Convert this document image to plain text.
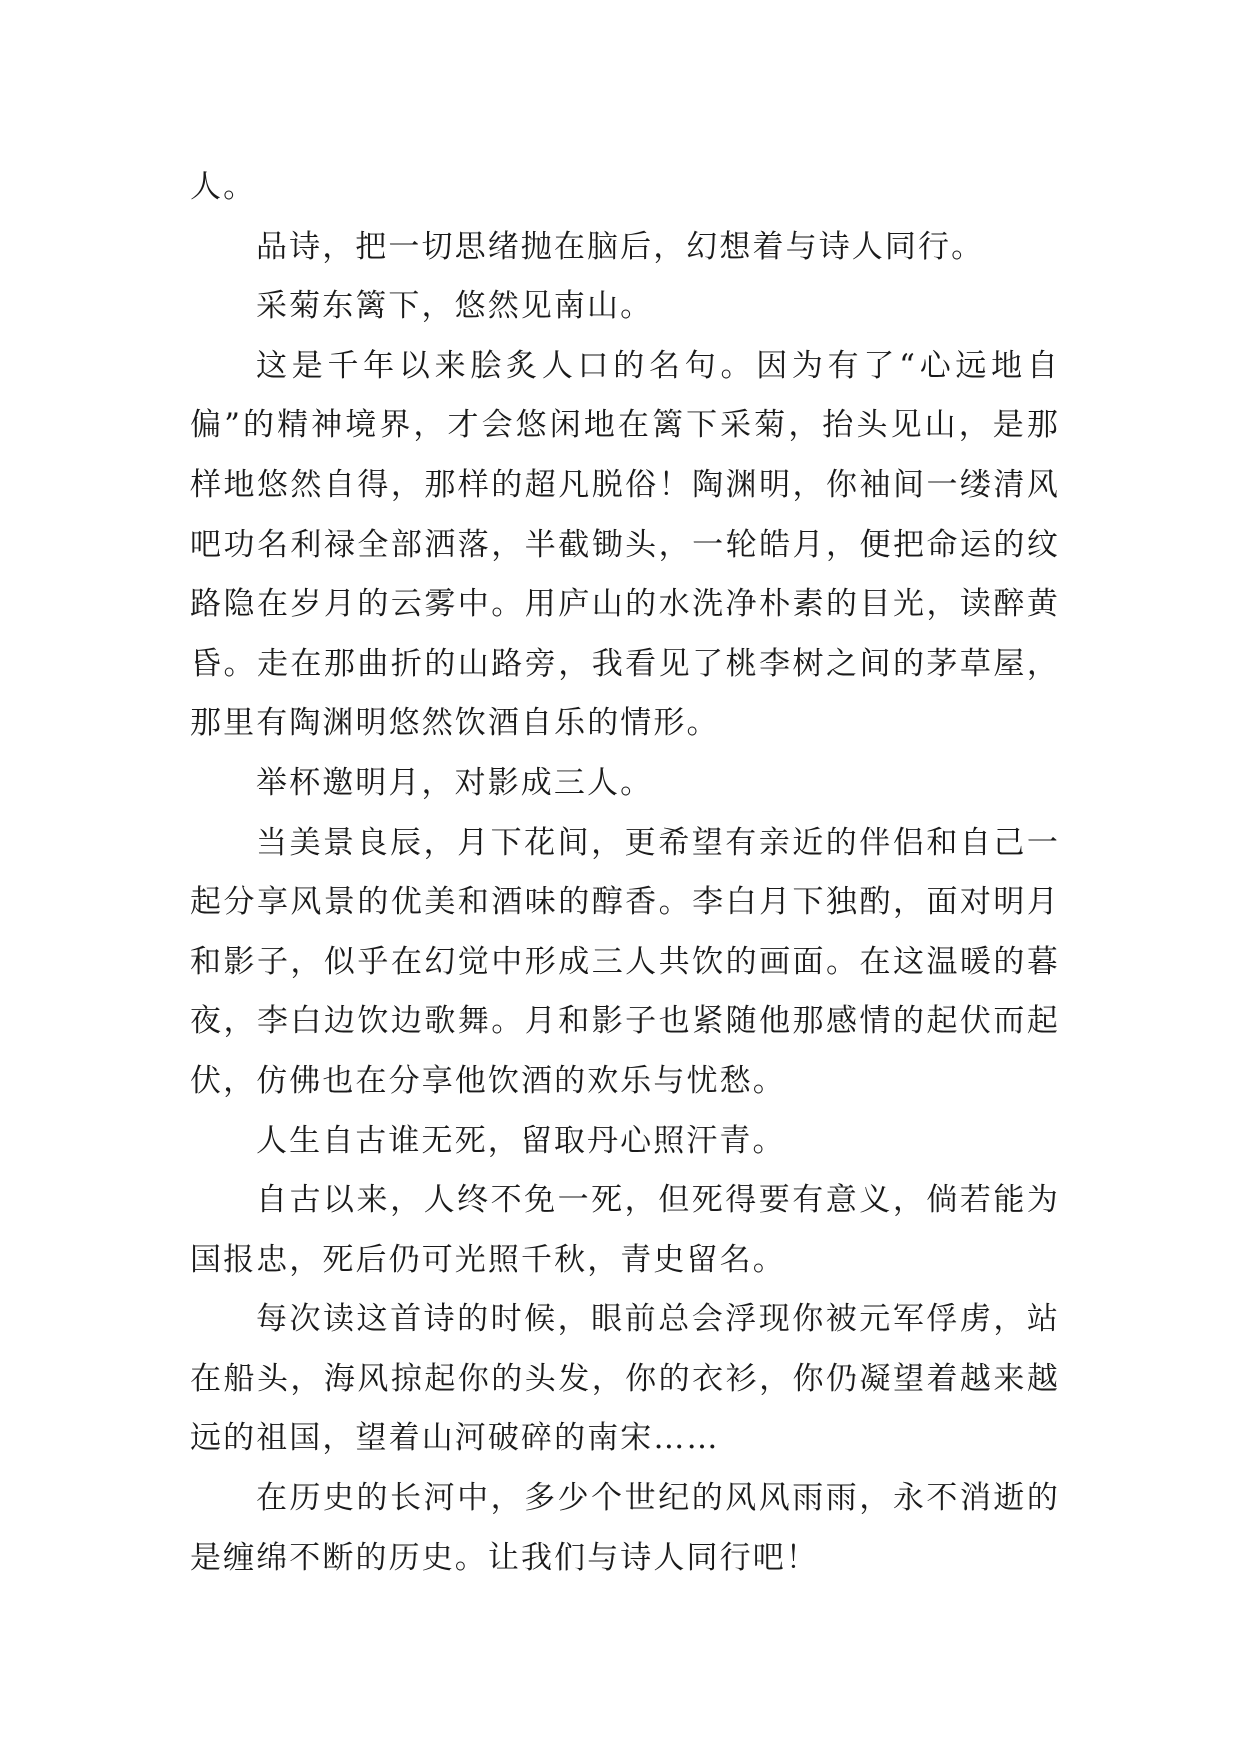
人。

品诗，把一切思绪抛在脑后，幻想着与诗人同行。

采菊东篱下，悠然见南山。

这是千年以来脍炙人口的名句。因为有了“心远地自偏”的精神境界，才会悠闲地在篱下采菊，抬头见山，是那样地悠然自得，那样的超凡脱俗！陶渊明，你袖间一缕清风吧功名利禄全部洒落，半截锄头，一轮皓月，便把命运的纹路隐在岁月的云雾中。用庐山的水洗净朴素的目光，读醉黄昏。走在那曲折的山路旁，我看见了桃李树之间的茅草屋，那里有陶渊明悠然饮酒自乐的情形。

举杯邀明月，对影成三人。

当美景良辰，月下花间，更希望有亲近的伴侣和自己一起分享风景的优美和酒味的醇香。李白月下独酌，面对明月和影子，似乎在幻觉中形成三人共饮的画面。在这温暖的暮夜，李白边饮边歌舞。月和影子也紧随他那感情的起伏而起伏，仿佛也在分享他饮酒的欢乐与忧愁。

人生自古谁无死，留取丹心照汗青。

自古以来，人终不免一死，但死得要有意义，倘若能为国报忠，死后仍可光照千秋，青史留名。

每次读这首诗的时候，眼前总会浮现你被元军俘虏，站在船头，海风掠起你的头发，你的衣衫，你仍凝望着越来越远的祖国，望着山河破碎的南宋……

在历史的长河中，多少个世纪的风风雨雨，永不消逝的是缠绵不断的历史。让我们与诗人同行吧！
